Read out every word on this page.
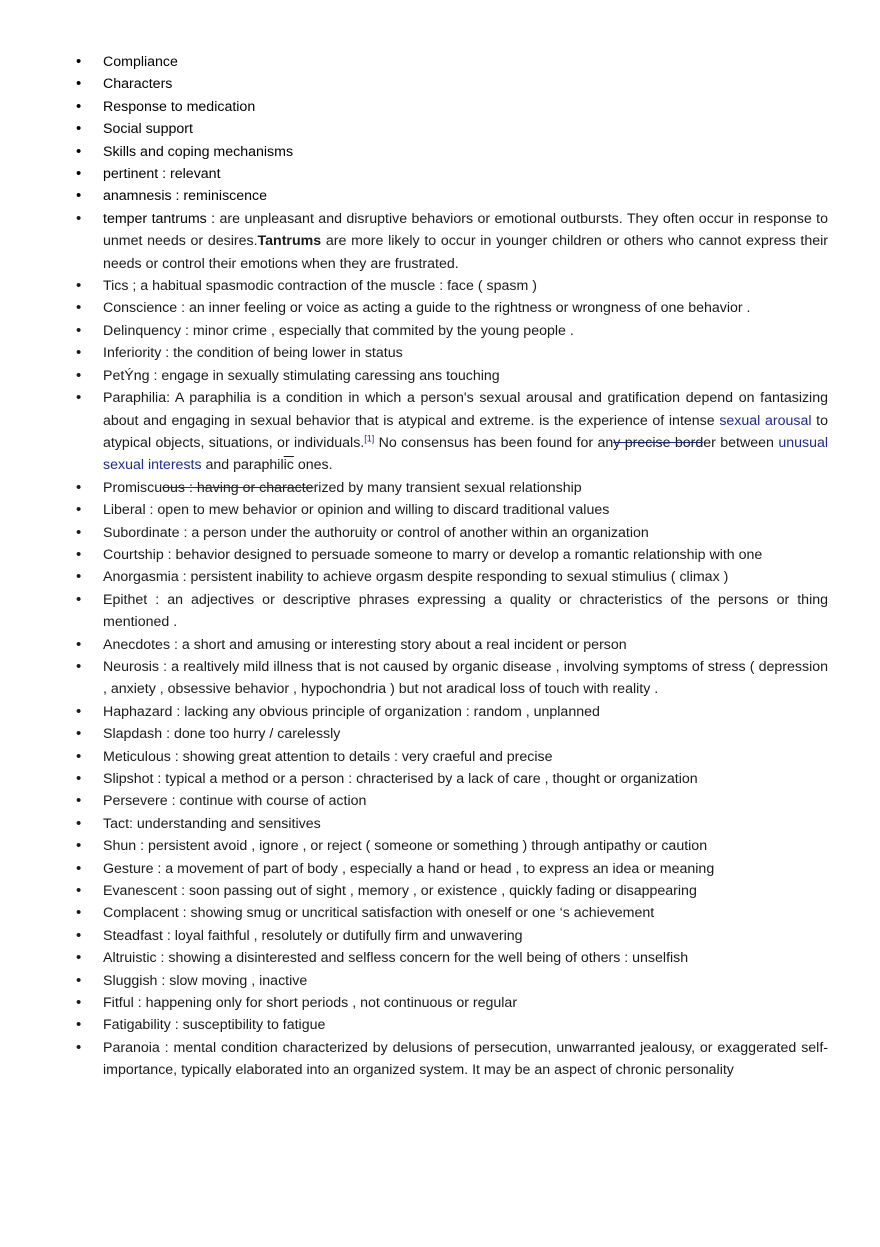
• Compliance
• Characters
• Response to medication
• Social support
• Skills and coping mechanisms
• pertinent : relevant
• anamnesis : reminiscence
• temper tantrums : are unpleasant and disruptive behaviors or emotional outbursts. They often occur in response to unmet needs or desires.Tantrums are more likely to occur in younger children or others who cannot express their needs or control their emotions when they are frustrated.
• Tics ; a habitual spasmodic contraction of the muscle : face ( spasm )
• Conscience : an inner feeling or voice as acting a guide to the rightness or wrongness of one behavior .
• Delinquency : minor crime , especially that commited by the young people .
• Inferiority : the condition of being lower in status
• PetÝng : engage in sexually stimulating caressing ans touching
• Paraphilia: A paraphilia is a condition in which a person's sexual arousal and gratification depend on fantasizing about and engaging in sexual behavior that is atypical and extreme. is the experience of intense sexual arousal to atypical objects, situations, or individuals.[1] No consensus has been found for any precise border between unusual sexual interests and $paraphil\overline{ic}$ ones.
• Promiscuous : having or characterized by many transient sexual relationship
• Liberal : open to mew behavior or opinion and willing to discard traditional values
• Subordinate : a person under the authoruity or control of another within an organization
• Courtship : behavior designed to persuade someone to marry or develop a romantic relationship with one
• Anorgasmia : persistent inability to achieve orgasm despite responding to sexual stimulius ( climax )
• Epithet : an adjectives or descriptive phrases expressing a quality or chracteristics of the persons or thing mentioned .
• Anecdotes : a short and amusing or interesting story about a real incident or person
• Neurosis : a realtively mild illness that is not caused by organic disease , involving symptoms of stress ( depression , anxiety , obsessive behavior , hypochondria ) but not aradical loss of touch with reality .
• Haphazard : lacking any obvious principle of organization : random , unplanned
• Slapdash : done too hurry / carelessly
• Meticulous : showing great attention to details : very craeful and precise
• Slipshot : typical a method or a person : chracterised by a lack of care , thought or organization
• Persevere : continue with course of action
• Tact: understanding and sensitives
• Shun : persistent avoid , ignore , or reject ( someone or something ) through antipathy or caution
• Gesture : a movement of part of body , especially a hand or head , to express an idea or meaning
• Evanescent : soon passing out of sight , memory , or existence , quickly fading or disappearing
• Complacent : showing smug or uncritical satisfaction with oneself or one ‘s achievement
• Steadfast : loyal faithful , resolutely or dutifully firm and unwavering
• Altruistic : showing a disinterested and selfless concern for the well being of others : unselfish
• Sluggish : slow moving , inactive
• Fitful : happening only for short periods , not continuous or regular
• Fatigability : susceptibility to fatigue
• Paranoia : mental condition characterized by delusions of persecution, unwarranted jealousy, or exaggerated self-importance, typically elaborated into an organized system. It may be an aspect of chronic personality
